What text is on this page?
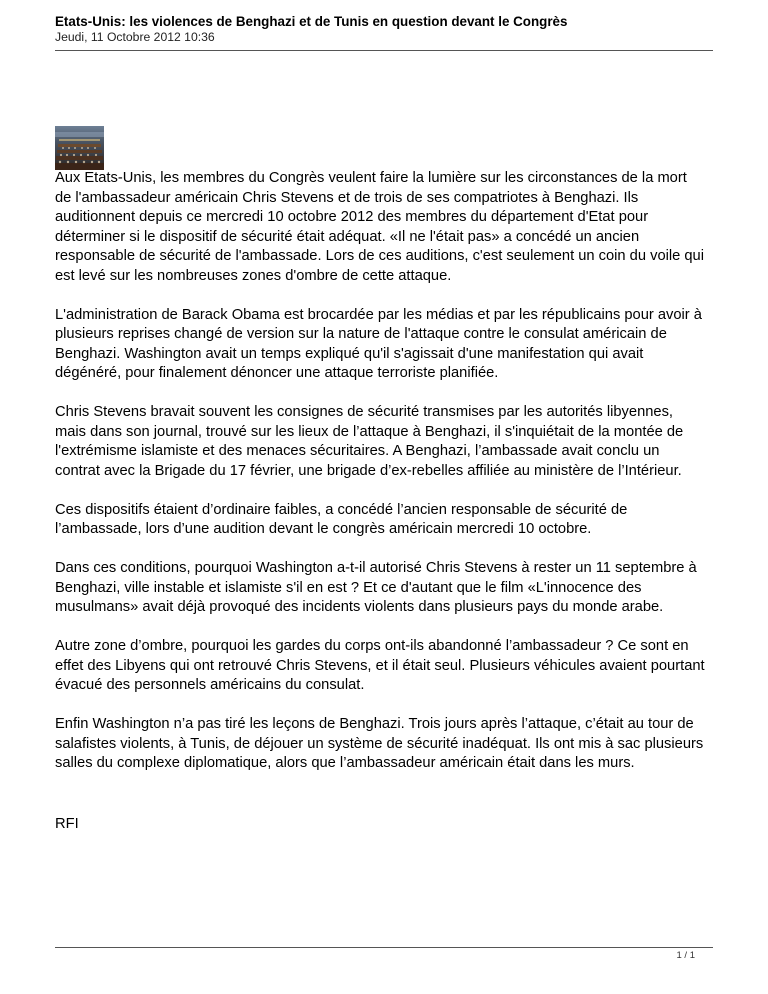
Etats-Unis: les violences de Benghazi et de Tunis en question devant le Congrès
Jeudi, 11 Octobre 2012 10:36

Aux Etats-Unis, les membres du Congrès veulent faire la lumière sur les circonstances de la mort de l'ambassadeur américain Chris Stevens et de trois de ses compatriotes à Benghazi. Ils auditionnent depuis ce mercredi 10 octobre 2012 des membres du département d'Etat pour déterminer si le dispositif de sécurité était adéquat. «Il ne l'était pas» a concédé un ancien responsable de sécurité de l'ambassade. Lors de ces auditions, c'est seulement un coin du voile qui est levé sur les nombreuses zones d'ombre de cette attaque.

L'administration de Barack Obama est brocardée par les médias et par les républicains pour avoir à plusieurs reprises changé de version sur la nature de l'attaque contre le consulat américain de Benghazi. Washington avait un temps expliqué qu'il s'agissait d'une manifestation qui avait dégénéré, pour finalement dénoncer une attaque terroriste planifiée.

Chris Stevens bravait souvent les consignes de sécurité transmises par les autorités libyennes, mais dans son journal, trouvé sur les lieux de l’attaque à Benghazi, il s'inquiétait de la montée de l'extrémisme islamiste et des menaces sécuritaires. A Benghazi, l’ambassade avait conclu un contrat avec la Brigade du 17 février, une brigade d’ex-rebelles affiliée au ministère de l’Intérieur.

Ces dispositifs étaient d’ordinaire faibles, a concédé l’ancien responsable de sécurité de l’ambassade, lors d’une audition devant le congrès américain mercredi 10 octobre.

Dans ces conditions, pourquoi Washington a-t-il autorisé Chris Stevens à rester un 11 septembre à Benghazi, ville instable et islamiste s'il en est ? Et ce d'autant que le film «L'innocence des musulmans» avait déjà provoqué des incidents violents dans plusieurs pays du monde arabe.

Autre zone d’ombre, pourquoi les gardes du corps ont-ils abandonné l’ambassadeur ? Ce sont en effet des Libyens qui ont retrouvé Chris Stevens, et il était seul. Plusieurs véhicules avaient pourtant évacué des personnels américains du consulat.

Enfin Washington n’a pas tiré les leçons de Benghazi. Trois jours après l’attaque, c’était au tour de salafistes violents, à Tunis, de déjouer un système de sécurité inadéquat. Ils ont mis à sac plusieurs salles du complexe diplomatique, alors que l’ambassadeur américain était dans les murs.

RFI
1 / 1
